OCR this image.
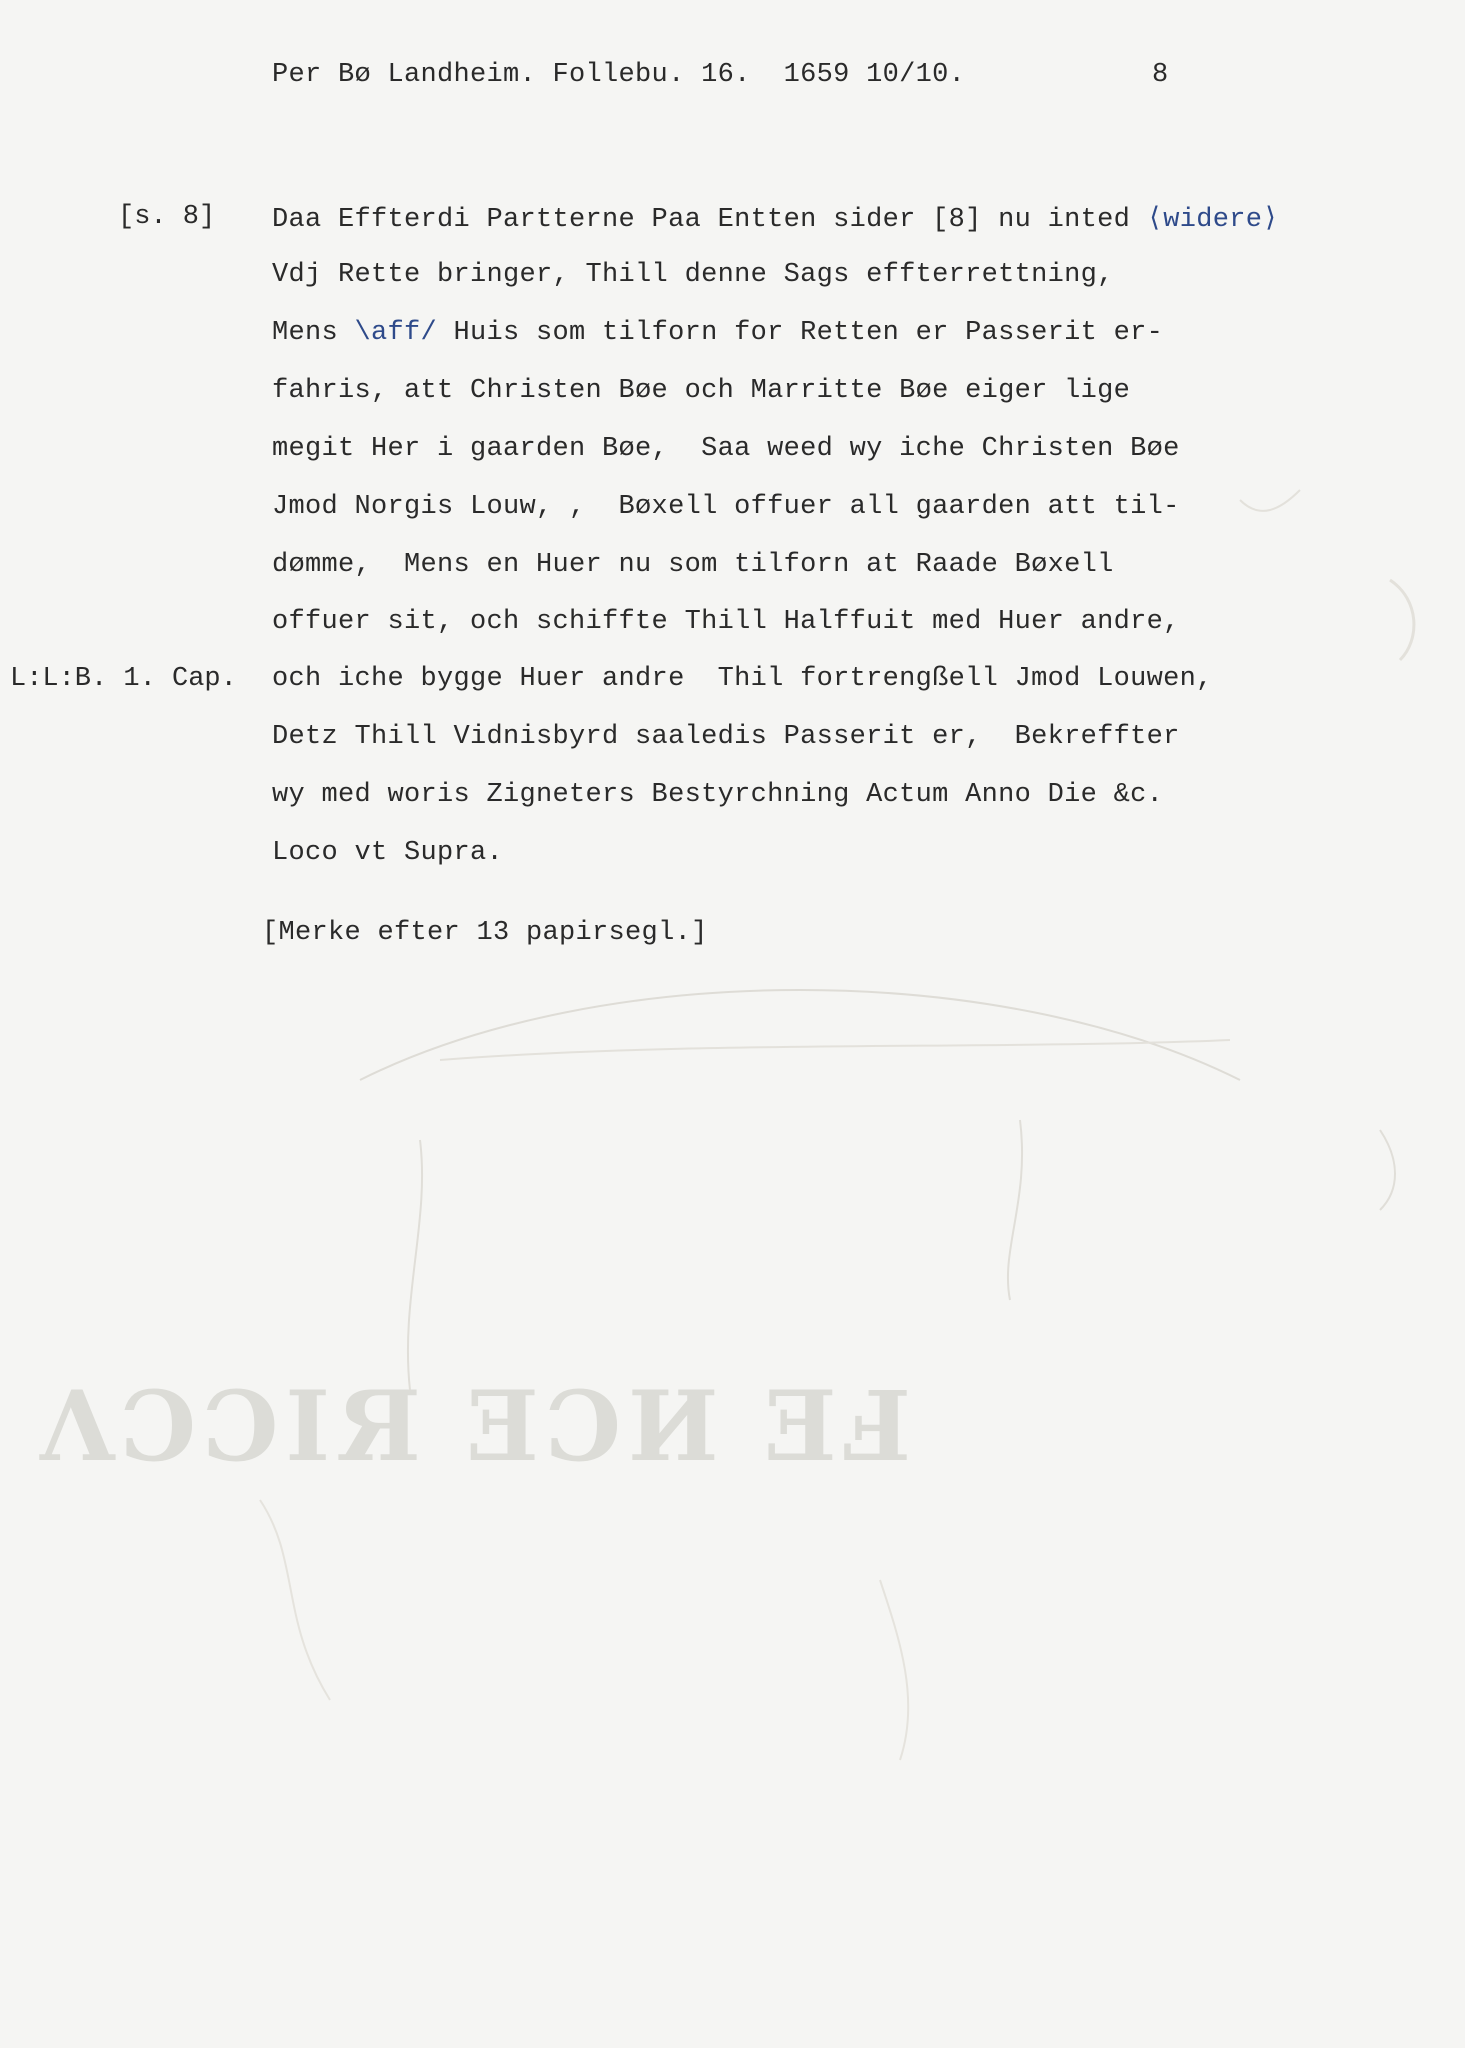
Per Bø Landheim. Follebu. 16.  1659 10/10.	8
[s. 8]
L:L:B. 1. Cap.
Daa Effterdi Partterne Paa Entten sider [8] nu inted ⟨widere⟩
Vdj Rette bringer, Thill denne Sags effterrettning,
Mens \aff/ Huis som tilforn for Retten er Passerit er-
fahris, att Christen Bøe och Marritte Bøe eiger lige
megit Her i gaarden Bøe,  Saa weed wy iche Christen Bøe
Jmod Norgis Louw, ,  Bøxell offuer all gaarden att til-
dømme,  Mens en Huer nu som tilforn at Raade Bøxell
offuer sit, och schiffte Thill Halffuit med Huer andre,
och iche bygge Huer andre  Thil fortrengßell Jmod Louwen,
Detz Thill Vidnisbyrd saaledis Passerit er,  Bekreffter
wy med woris Zigneters Bestyrchning Actum Anno Die &c.
Loco vt Supra.
[Merke efter 13 papirsegl.]
ɅƆƆIЯ ƎƆИ ƎℲ
